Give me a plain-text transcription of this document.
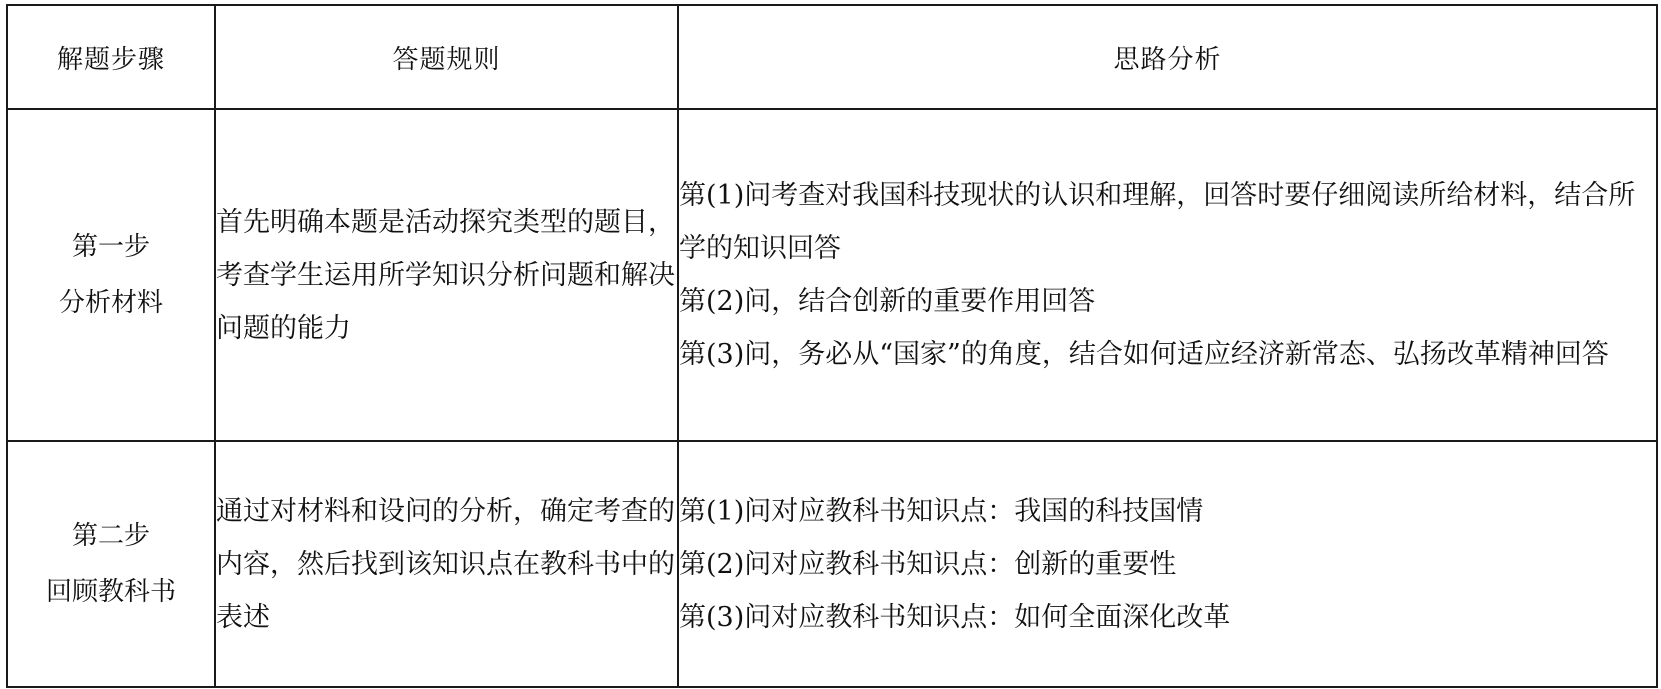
解题步骤	答题规则	思路分析

第一步
分析材料	首先明确本题是活动探究类型的题目，考查学生运用所学知识分析问题和解决问题的能力	第(1)问考查对我国科技现状的认识和理解，回答时要仔细阅读所给材料，结合所学的知识回答
第(2)问，结合创新的重要作用回答
第(3)问，务必从“国家”的角度，结合如何适应经济新常态、弘扬改革精神回答

第二步
回顾教科书	通过对材料和设问的分析，确定考查的内容，然后找到该知识点在教科书中的表述	第(1)问对应教科书知识点：我国的科技国情
第(2)问对应教科书知识点：创新的重要性
第(3)问对应教科书知识点：如何全面深化改革
